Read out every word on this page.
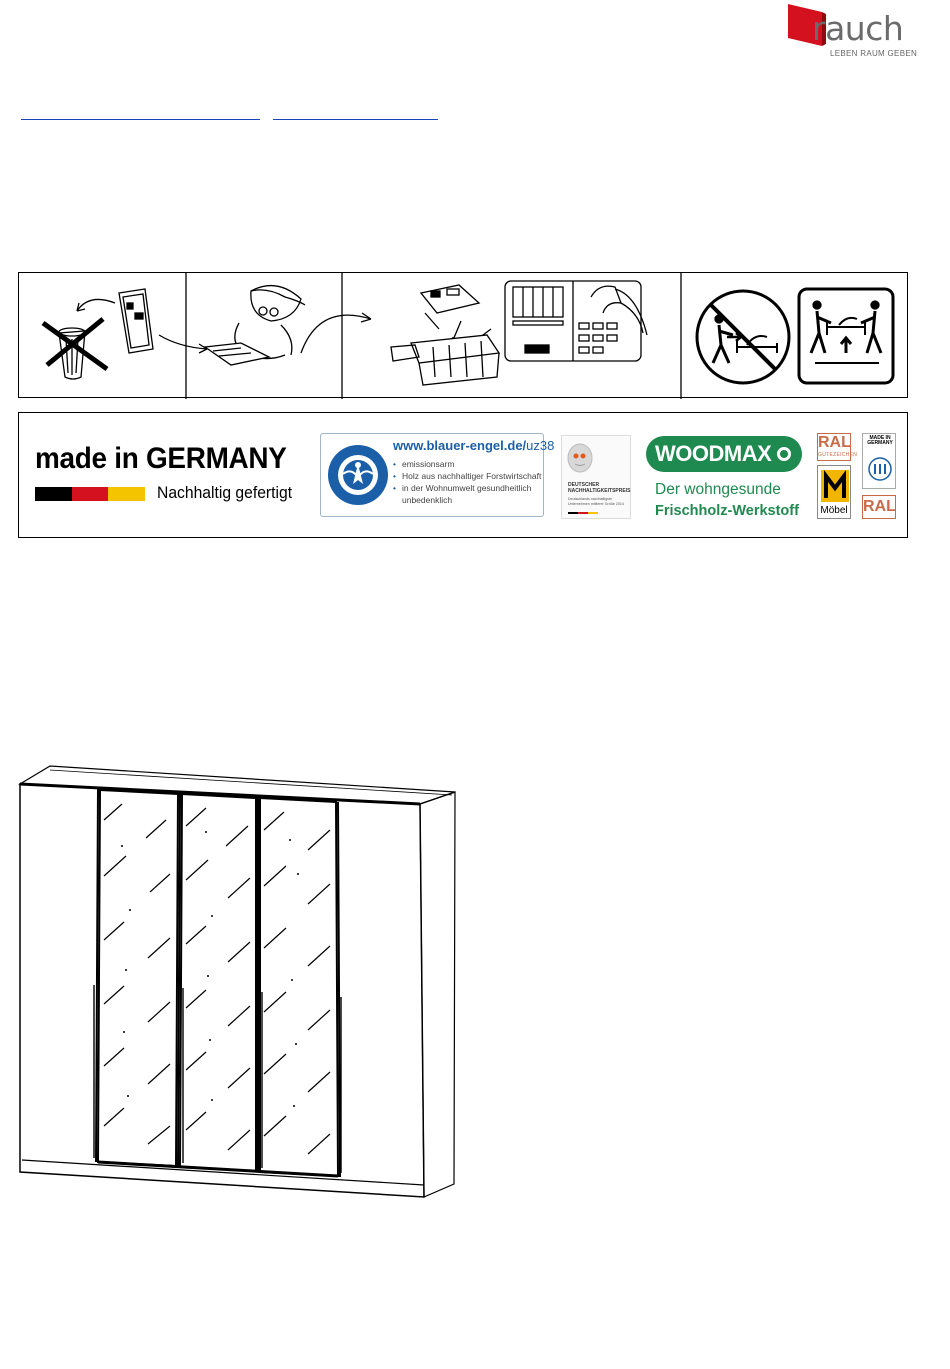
rauch
LEBEN RAUM GEBEN
made in GERMANY
Nachhaltig gefertigt
www.blauer-engel.de/uz38
• emissionsarm
• Holz aus nachhaltiger Forstwirtschaft
• in der Wohnumwelt gesundheitlich unbedenklich
DEUTSCHER
NACHHALTIGKEITSPREIS
Deutschlands nachhaltigste Unternehmen mittlerer Größe 2014
WOODMAX
Der wohngesunde
Frischholz-Werkstoff
RAL
GÜTEZEICHEN
Möbel
MADE IN GERMANY
RAL
